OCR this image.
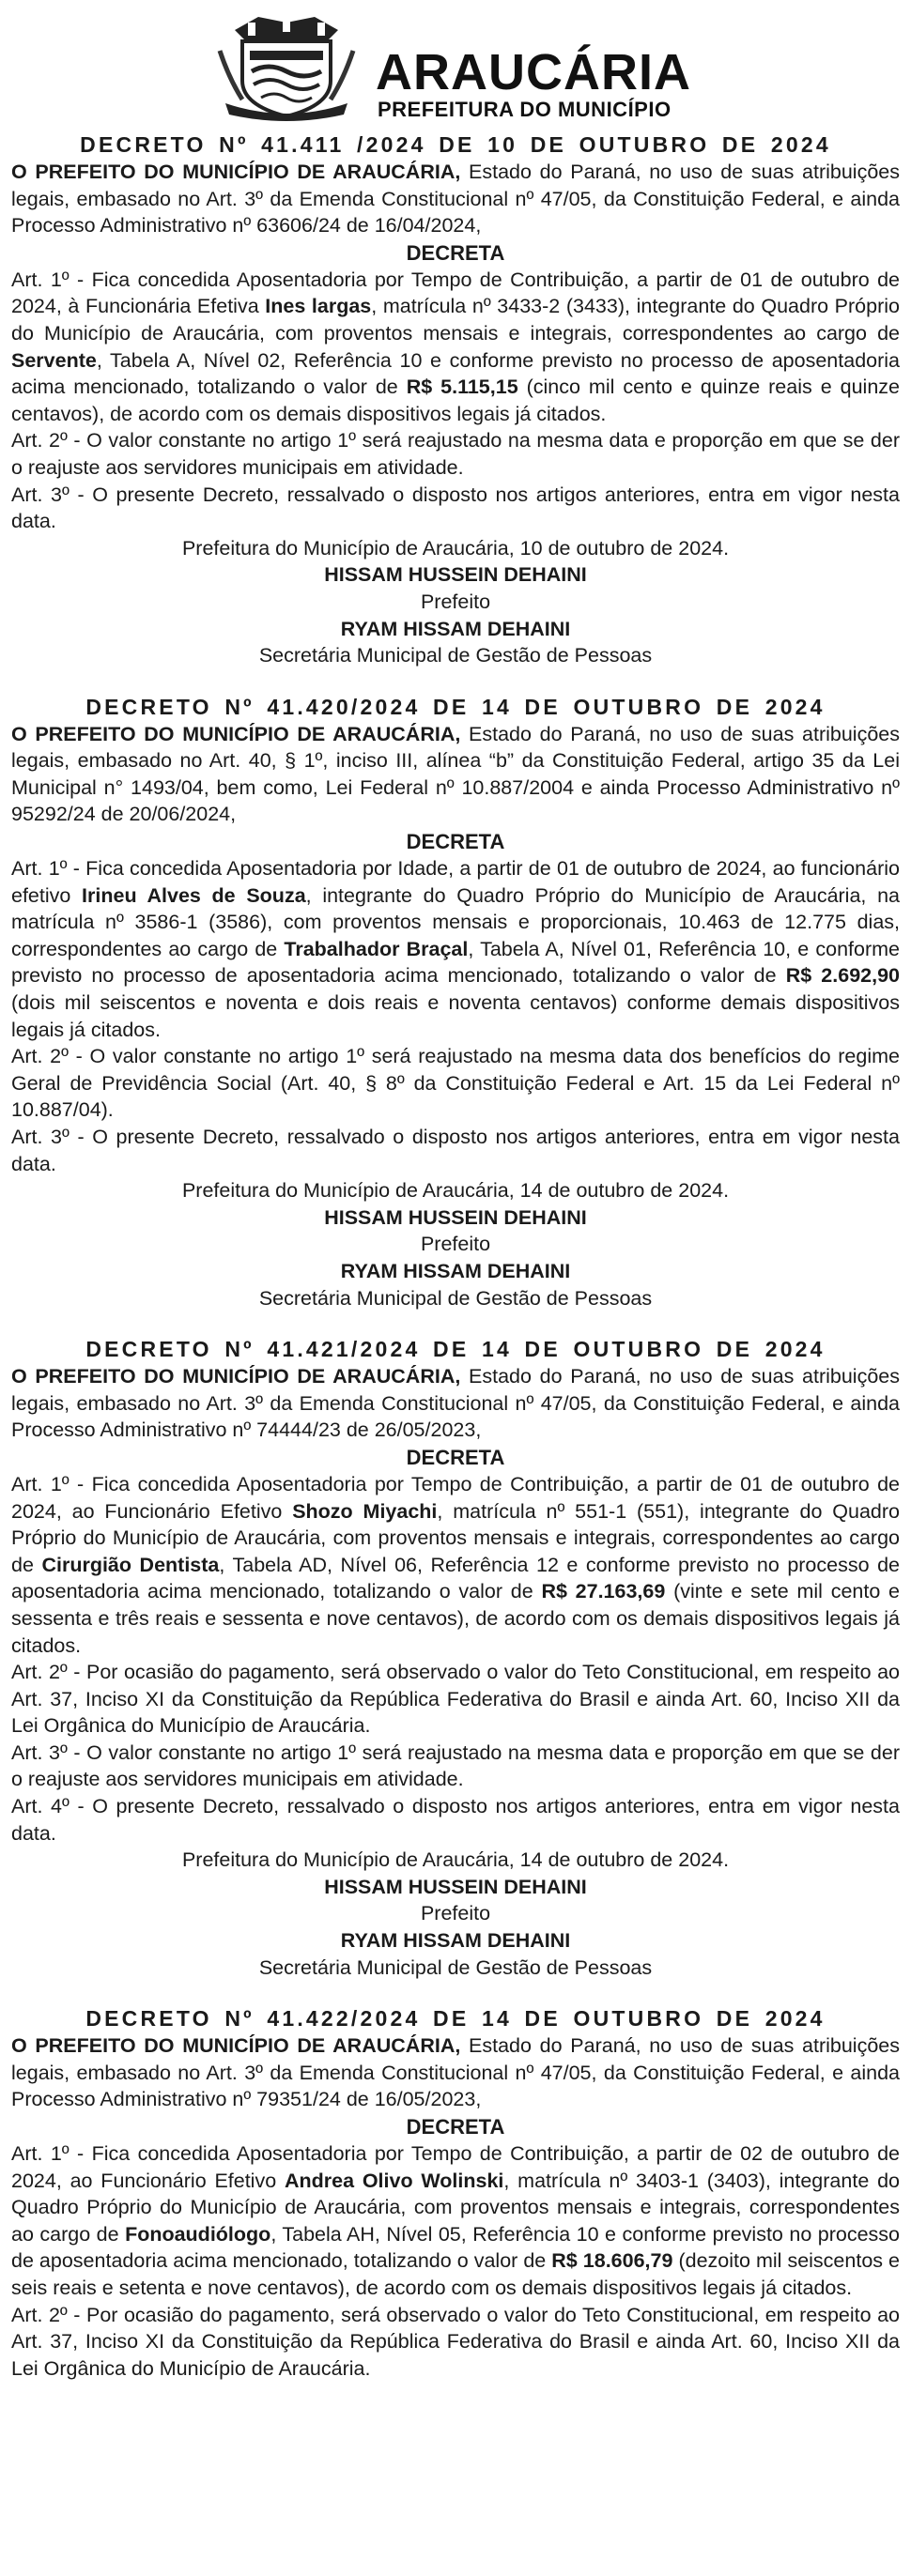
ARAUCÁRIA
PREFEITURA DO MUNICÍPIO

DECRETO Nº 41.411 /2024 DE 10 DE OUTUBRO DE 2024

O PREFEITO DO MUNICÍPIO DE ARAUCÁRIA, Estado do Paraná, no uso de suas atribuições legais, embasado no Art. 3º da Emenda Constitucional nº 47/05, da Constituição Federal, e ainda Processo Administrativo nº 63606/24 de 16/04/2024,

DECRETA

Art. 1º - Fica concedida Aposentadoria por Tempo de Contribuição, a partir de 01 de outubro de 2024, à Funcionária Efetiva Ines largas, matrícula nº 3433-2 (3433), integrante do Quadro Próprio do Município de Araucária, com proventos mensais e integrais, correspondentes ao cargo de Servente, Tabela A, Nível 02, Referência 10 e conforme previsto no processo de aposentadoria acima mencionado, totalizando o valor de R$ 5.115,15 (cinco mil cento e quinze reais e quinze centavos), de acordo com os demais dispositivos legais já citados.

Art. 2º - O valor constante no artigo 1º será reajustado na mesma data e proporção em que se der o reajuste aos servidores municipais em atividade.

Art. 3º - O presente Decreto, ressalvado o disposto nos artigos anteriores, entra em vigor nesta data.

Prefeitura do Município de Araucária, 10 de outubro de 2024.

HISSAM HUSSEIN DEHAINI

Prefeito

RYAM HISSAM DEHAINI

Secretária Municipal de Gestão de Pessoas

DECRETO Nº 41.420/2024 DE 14 DE OUTUBRO DE 2024

O PREFEITO DO MUNICÍPIO DE ARAUCÁRIA, Estado do Paraná, no uso de suas atribuições legais, embasado no Art. 40, § 1º, inciso III, alínea “b” da Constituição Federal, artigo 35 da Lei Municipal n° 1493/04, bem como, Lei Federal nº 10.887/2004 e ainda Processo Administrativo nº 95292/24 de 20/06/2024,

DECRETA

Art. 1º - Fica concedida Aposentadoria por Idade, a partir de 01 de outubro de 2024, ao funcionário efetivo Irineu Alves de Souza, integrante do Quadro Próprio do Município de Araucária, na matrícula nº 3586-1 (3586), com proventos mensais e proporcionais, 10.463 de 12.775 dias, correspondentes ao cargo de Trabalhador Braçal, Tabela A, Nível 01, Referência 10, e conforme previsto no processo de aposentadoria acima mencionado, totalizando o valor de R$ 2.692,90 (dois mil seiscentos e noventa e dois reais e noventa centavos) conforme demais dispositivos legais já citados.

Art. 2º - O valor constante no artigo 1º será reajustado na mesma data dos benefícios do regime Geral de Previdência Social (Art. 40, § 8º da Constituição Federal e Art. 15 da Lei Federal nº 10.887/04).

Art. 3º - O presente Decreto, ressalvado o disposto nos artigos anteriores, entra em vigor nesta data.

Prefeitura do Município de Araucária, 14 de outubro de 2024.

HISSAM HUSSEIN DEHAINI

Prefeito

RYAM HISSAM DEHAINI

Secretária Municipal de Gestão de Pessoas

DECRETO Nº 41.421/2024 DE 14 DE OUTUBRO DE 2024

O PREFEITO DO MUNICÍPIO DE ARAUCÁRIA, Estado do Paraná, no uso de suas atribuições legais, embasado no Art. 3º da Emenda Constitucional nº 47/05, da Constituição Federal, e ainda Processo Administrativo nº 74444/23 de 26/05/2023,

DECRETA

Art. 1º - Fica concedida Aposentadoria por Tempo de Contribuição, a partir de 01 de outubro de 2024, ao Funcionário Efetivo Shozo Miyachi, matrícula nº 551-1 (551), integrante do Quadro Próprio do Município de Araucária, com proventos mensais e integrais, correspondentes ao cargo de Cirurgião Dentista, Tabela AD, Nível 06, Referência 12 e conforme previsto no processo de aposentadoria acima mencionado, totalizando o valor de R$ 27.163,69 (vinte e sete mil cento e sessenta e três reais e sessenta e nove centavos), de acordo com os demais dispositivos legais já citados.

Art. 2º - Por ocasião do pagamento, será observado o valor do Teto Constitucional, em respeito ao Art. 37, Inciso XI da Constituição da República Federativa do Brasil e ainda Art. 60, Inciso XII da Lei Orgânica do Município de Araucária.

Art. 3º - O valor constante no artigo 1º será reajustado na mesma data e proporção em que se der o reajuste aos servidores municipais em atividade.

Art. 4º - O presente Decreto, ressalvado o disposto nos artigos anteriores, entra em vigor nesta data.

Prefeitura do Município de Araucária, 14 de outubro de 2024.

HISSAM HUSSEIN DEHAINI

Prefeito

RYAM HISSAM DEHAINI

Secretária Municipal de Gestão de Pessoas

DECRETO Nº 41.422/2024 DE 14 DE OUTUBRO DE 2024

O PREFEITO DO MUNICÍPIO DE ARAUCÁRIA, Estado do Paraná, no uso de suas atribuições legais, embasado no Art. 3º da Emenda Constitucional nº 47/05, da Constituição Federal, e ainda Processo Administrativo nº 79351/24 de 16/05/2023,

DECRETA

Art. 1º - Fica concedida Aposentadoria por Tempo de Contribuição, a partir de 02 de outubro de 2024, ao Funcionário Efetivo Andrea Olivo Wolinski, matrícula nº 3403-1 (3403), integrante do Quadro Próprio do Município de Araucária, com proventos mensais e integrais, correspondentes ao cargo de Fonoaudiólogo, Tabela AH, Nível 05, Referência 10 e conforme previsto no processo de aposentadoria acima mencionado, totalizando o valor de R$ 18.606,79 (dezoito mil seiscentos e seis reais e setenta e nove centavos), de acordo com os demais dispositivos legais já citados.

Art. 2º - Por ocasião do pagamento, será observado o valor do Teto Constitucional, em respeito ao Art. 37, Inciso XI da Constituição da República Federativa do Brasil e ainda Art. 60, Inciso XII da Lei Orgânica do Município de Araucária.
